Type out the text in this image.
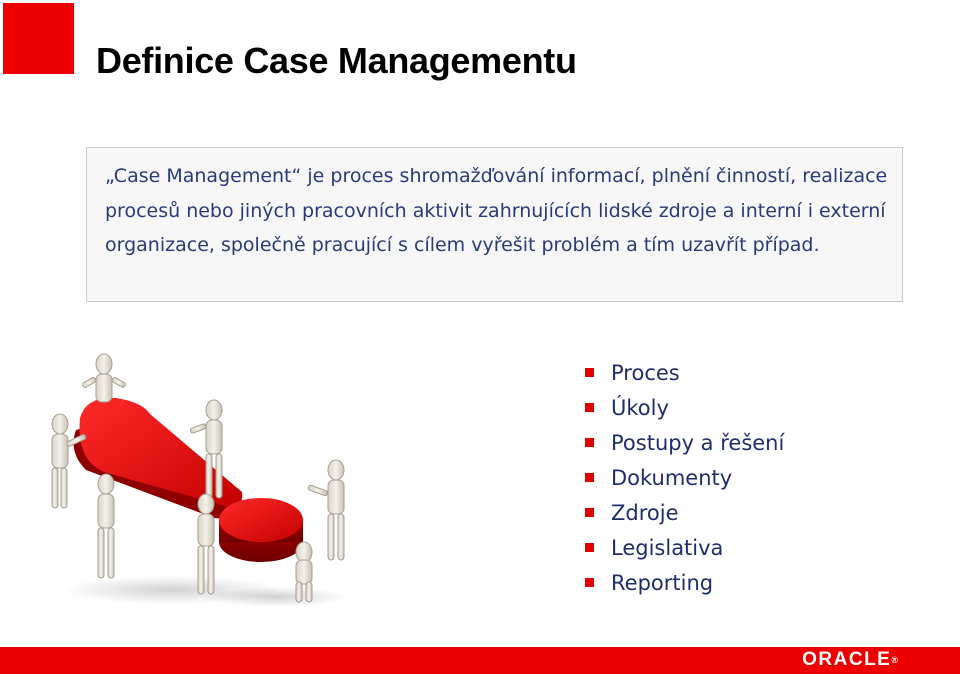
Definice Case Managementu

„Case Management“ je proces shromažďování informací, plnění činností, realizace procesů nebo jiných pracovních aktivit zahrnujících lidské zdroje a interní i externí organizace, společně pracující s cílem vyřešit problém a tím uzavřít případ.

Proces
Úkoly
Postupy a řešení
Dokumenty
Zdroje
Legislativa
Reporting
ORACLE®
